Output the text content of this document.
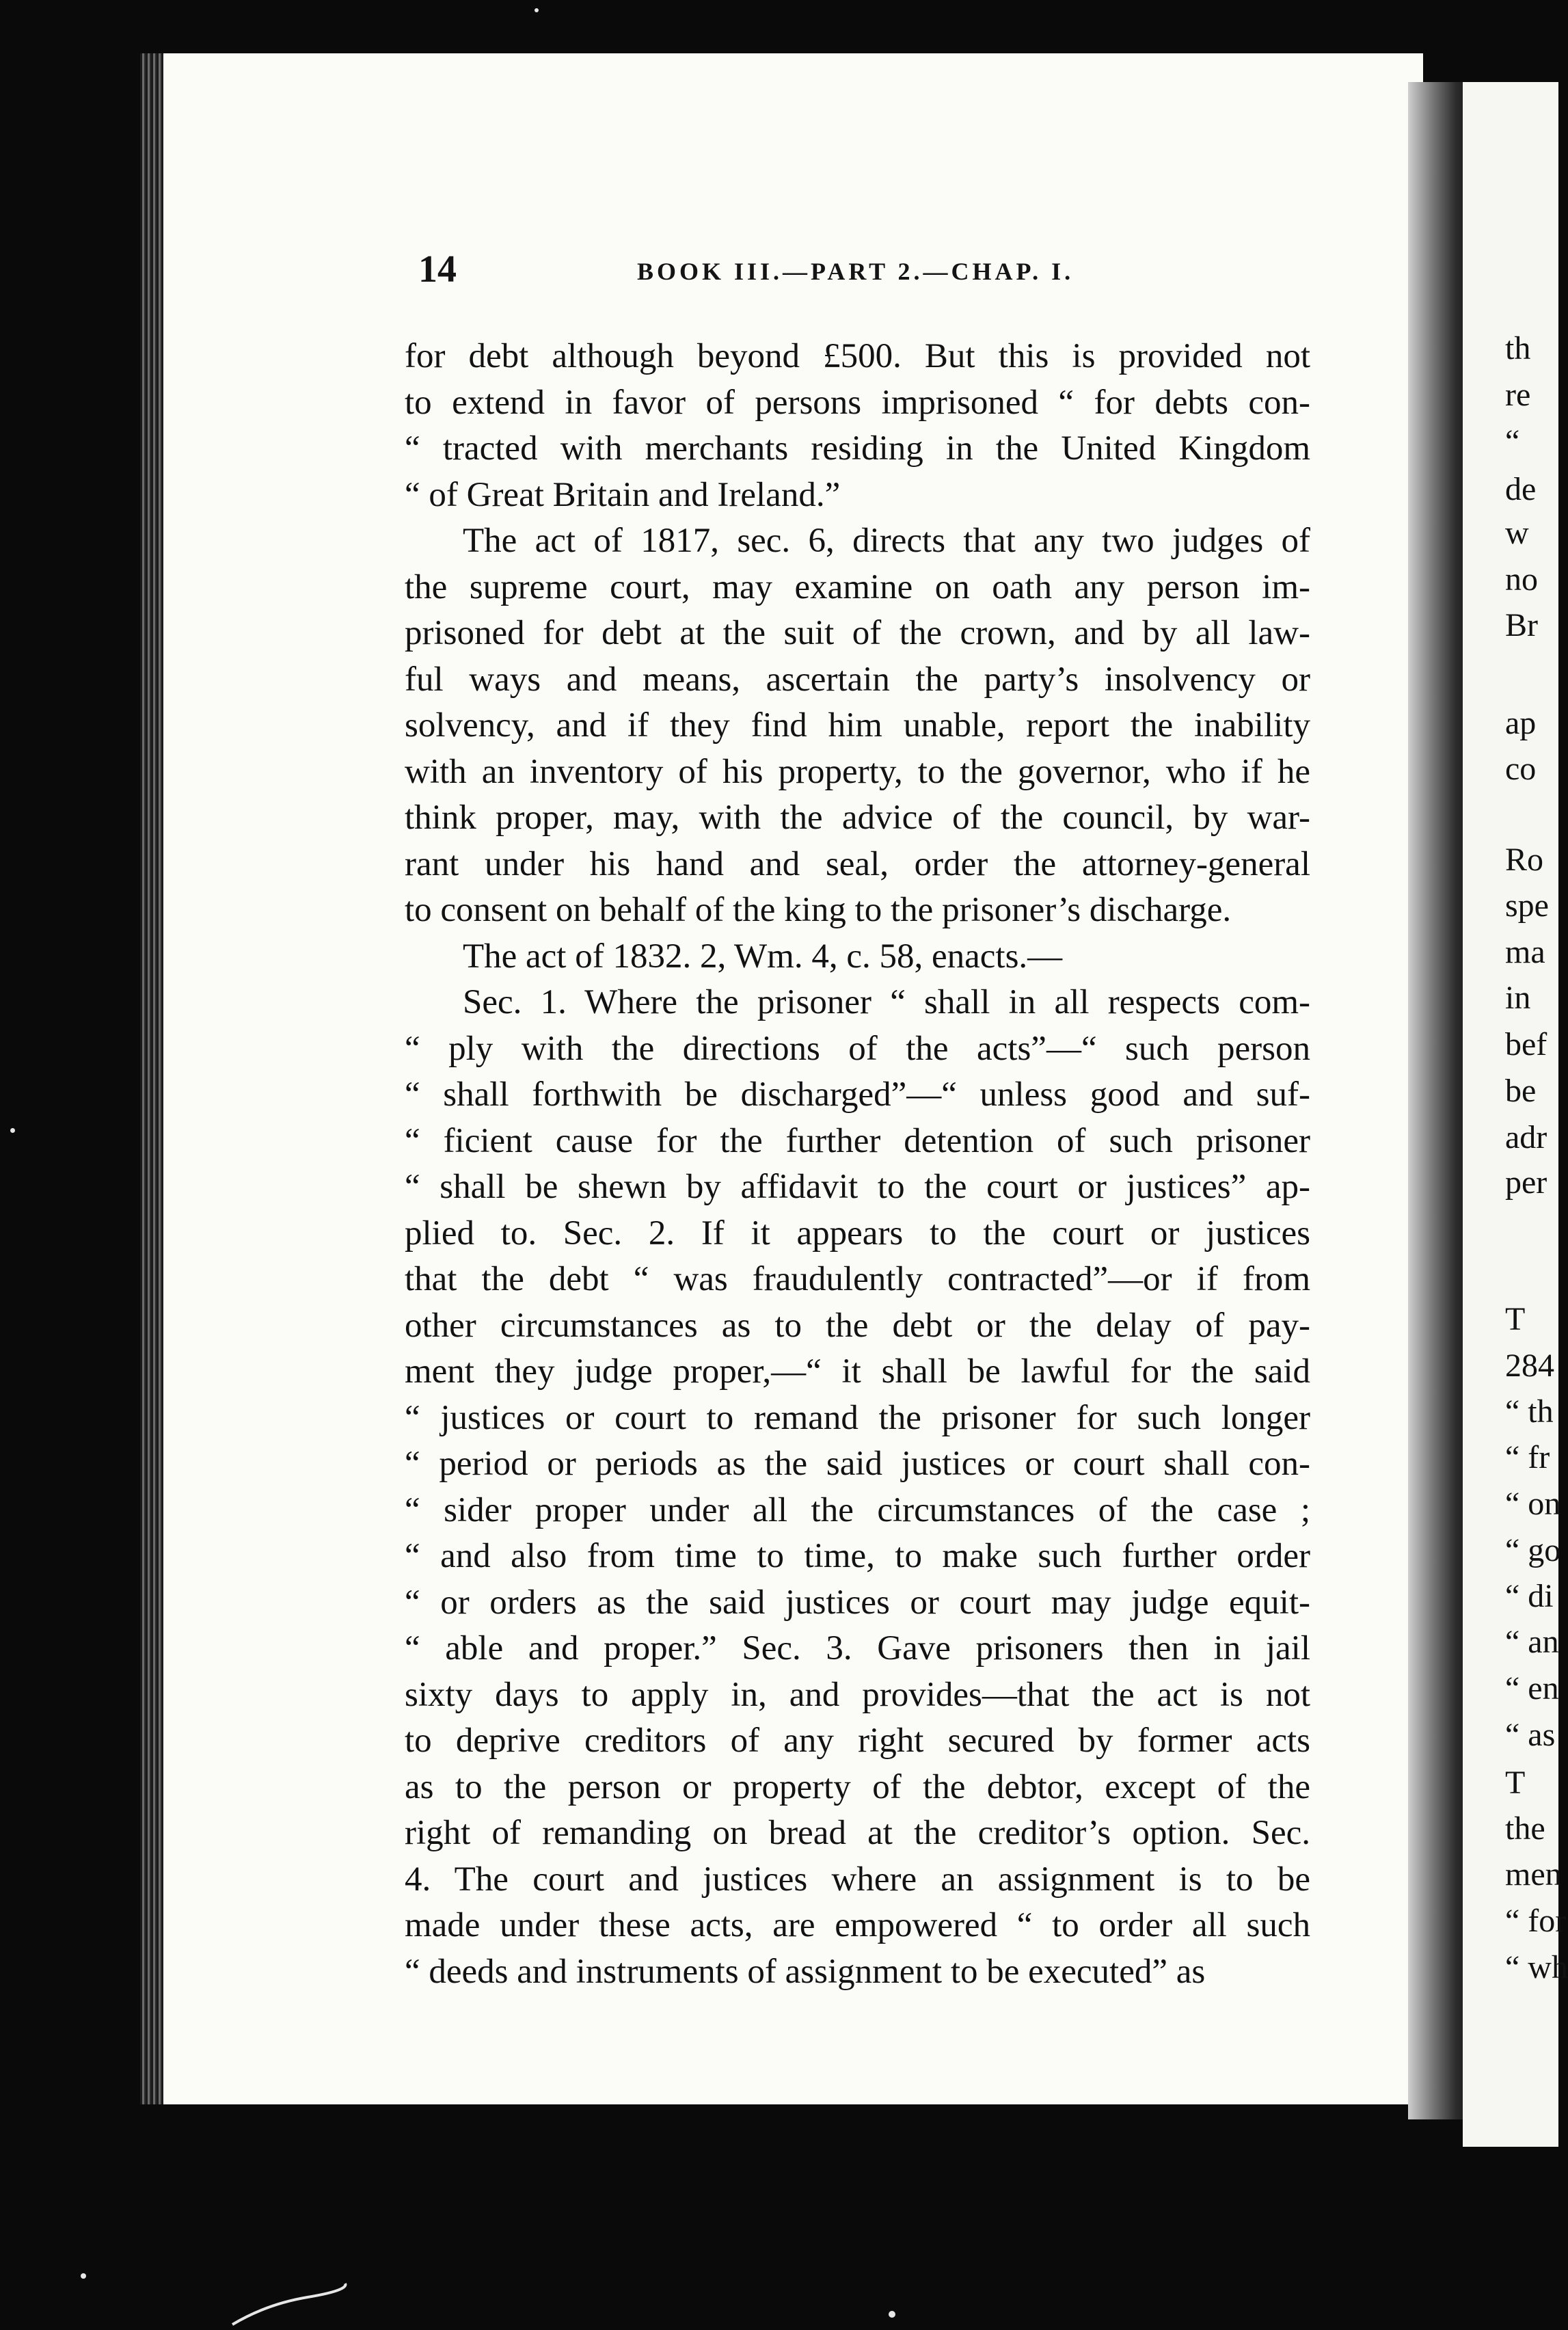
14	BOOK III.—PART 2.—CHAP. I.
for debt although beyond £500. But this is provided not
to extend in favor of persons imprisoned “ for debts con-
“ tracted with merchants residing in the United Kingdom
“ of Great Britain and Ireland.”
The act of 1817, sec. 6, directs that any two judges of
the supreme court, may examine on oath any person im-
prisoned for debt at the suit of the crown, and by all law-
ful ways and means, ascertain the party’s insolvency or
solvency, and if they find him unable, report the inability
with an inventory of his property, to the governor, who if he
think proper, may, with the advice of the council, by war-
rant under his hand and seal, order the attorney-general
to consent on behalf of the king to the prisoner’s discharge.
The act of 1832. 2, Wm. 4, c. 58, enacts.—
Sec. 1. Where the prisoner “ shall in all respects com-
“ ply with the directions of the acts”—“ such person
“ shall forthwith be discharged”—“ unless good and suf-
“ ficient cause for the further detention of such prisoner
“ shall be shewn by affidavit to the court or justices” ap-
plied to. Sec. 2. If it appears to the court or justices
that the debt “ was fraudulently contracted”—or if from
other circumstances as to the debt or the delay of pay-
ment they judge proper,—“ it shall be lawful for the said
“ justices or court to remand the prisoner for such longer
“ period or periods as the said justices or court shall con-
“ sider proper under all the circumstances of the case ;
“ and also from time to time, to make such further order
“ or orders as the said justices or court may judge equit-
“ able and proper.” Sec. 3. Gave prisoners then in jail
sixty days to apply in, and provides—that the act is not
to deprive creditors of any right secured by former acts
as to the person or property of the debtor, except of the
right of remanding on bread at the creditor’s option. Sec.
4. The court and justices where an assignment is to be
made under these acts, are empowered “ to order all such
“ deeds and instruments of assignment to be executed” as
th
re
“
de
w
no
Br
ap
co
Ro
spe
ma
in
bef
be
adr
per
T
284
“ th
“ fr
“ on
“ go
“ di
“ an
“ en
“ as
T
the
men
“ for
“ wh
